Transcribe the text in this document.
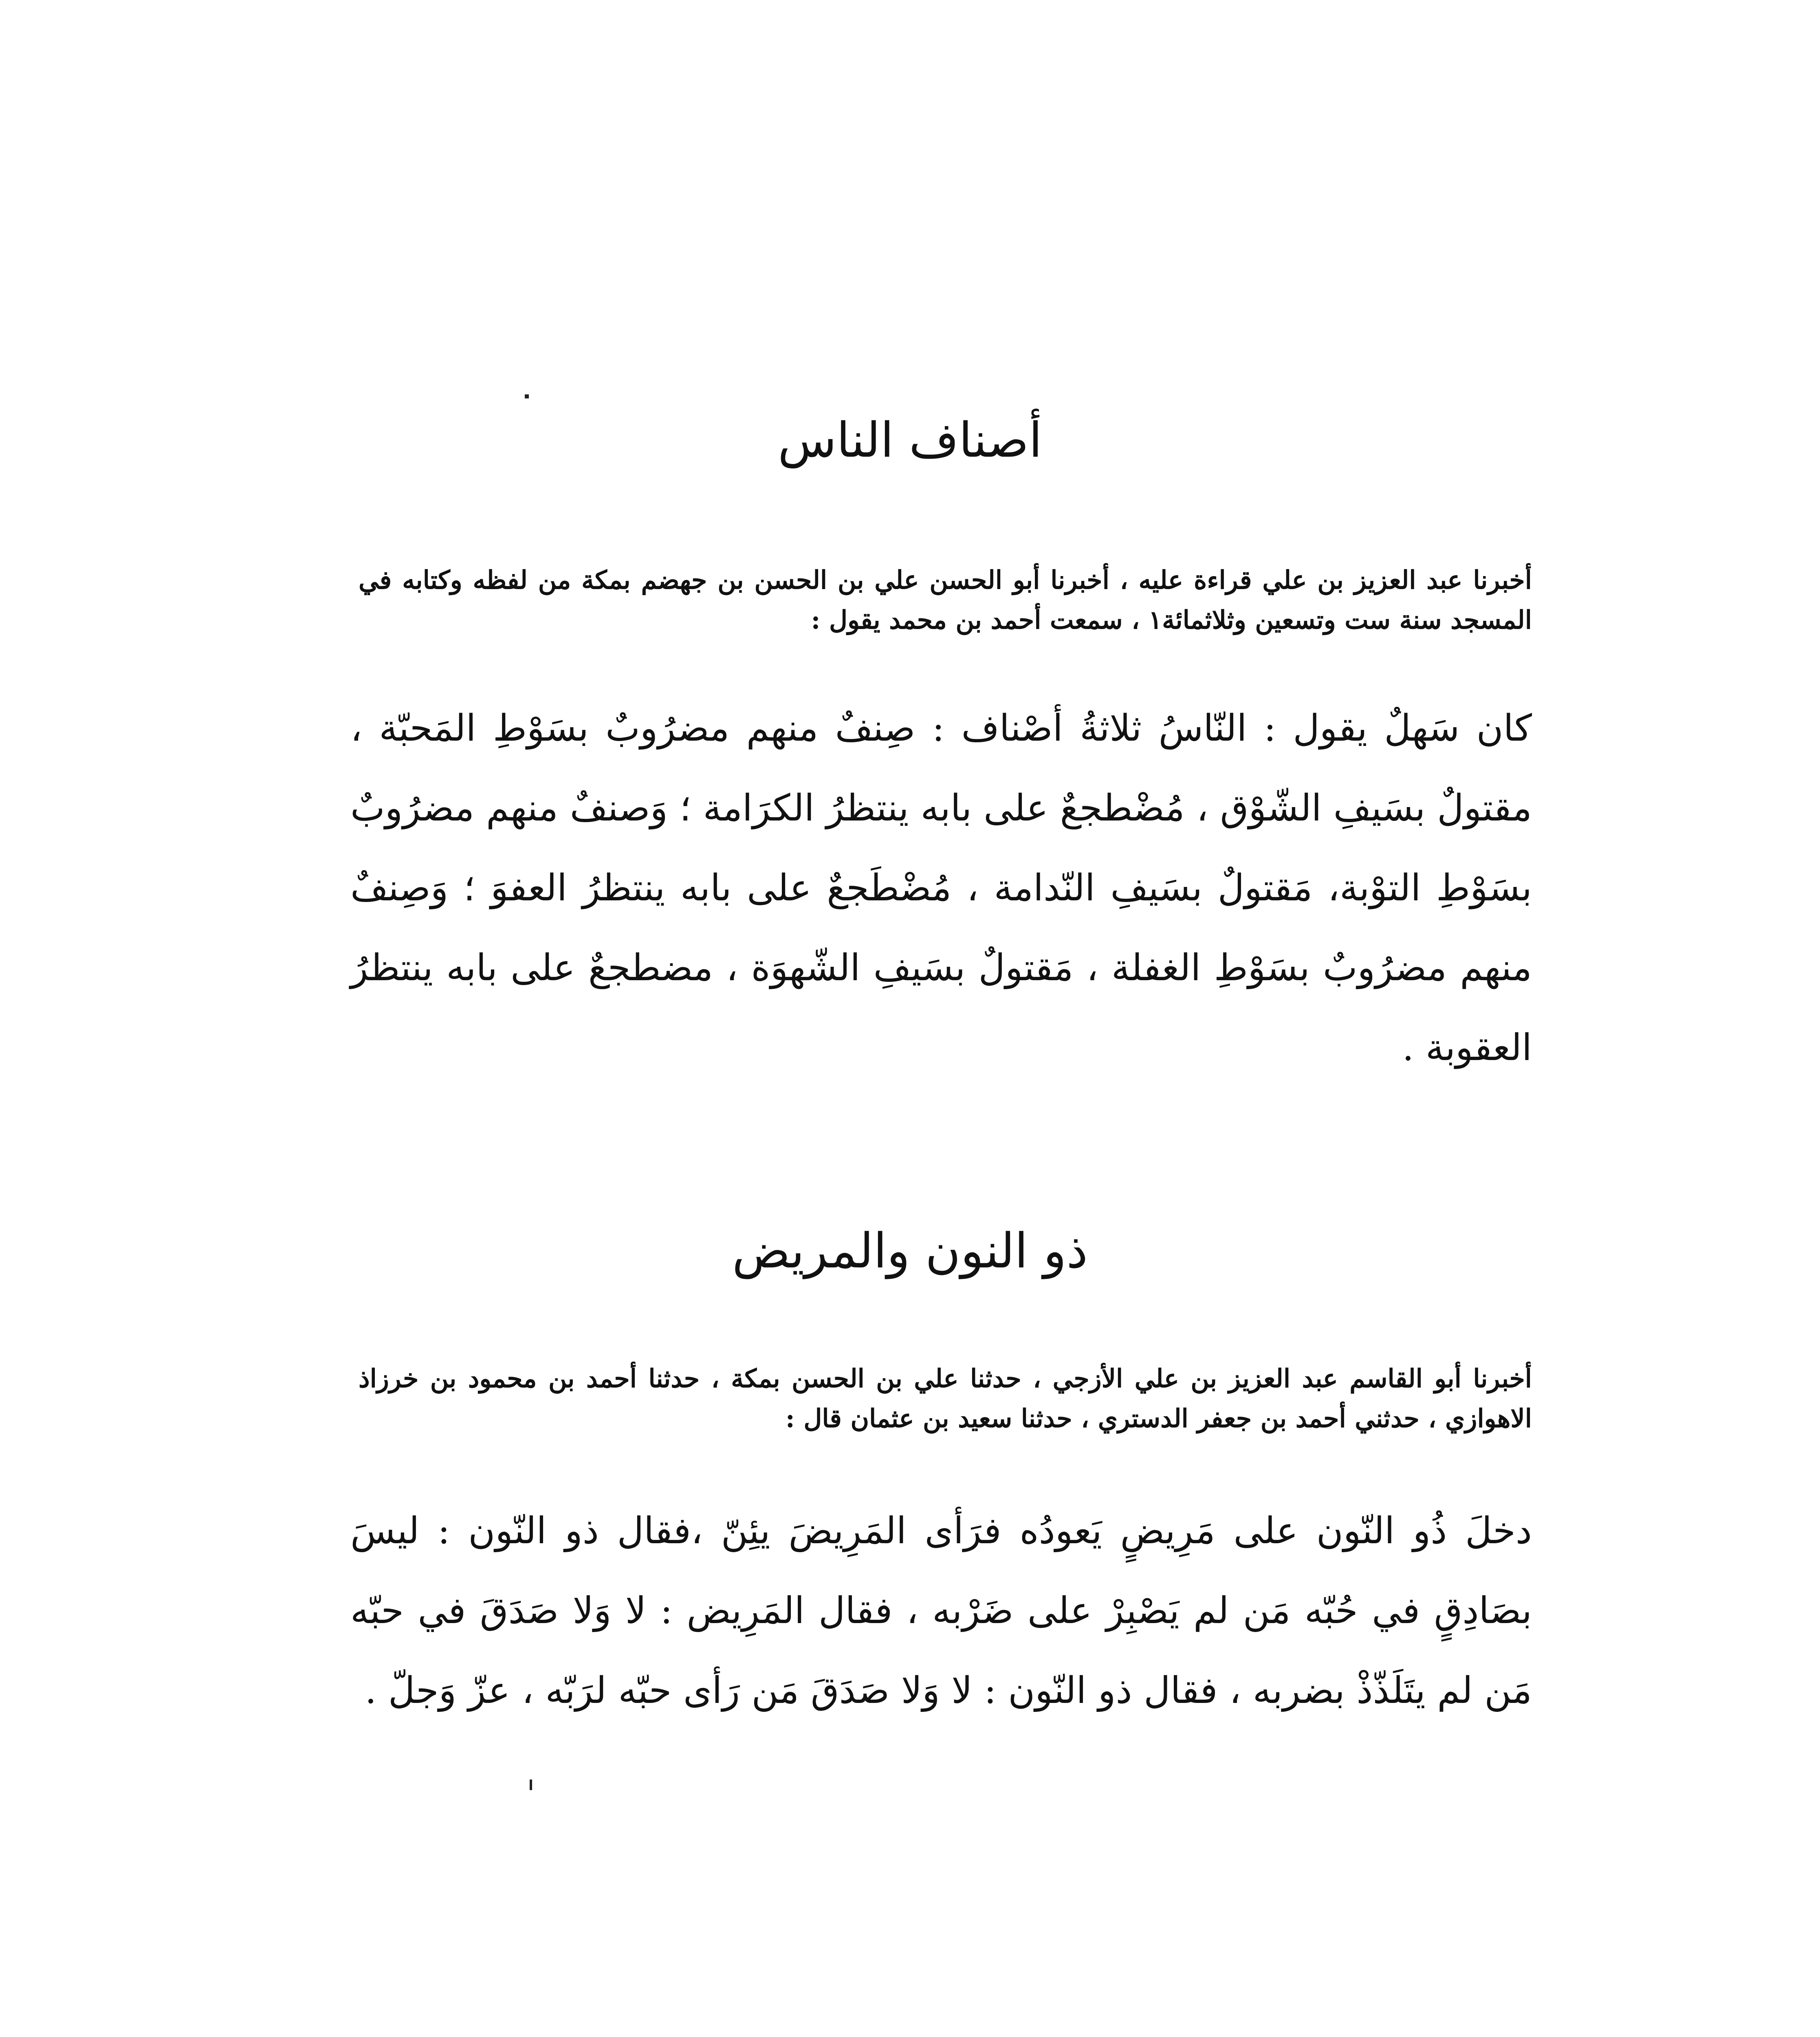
أصناف الناس

أخبرنا عبد العزيز بن علي قراءة عليه ، أخبرنا أبو الحسن علي بن الحسن بن جهضم بمكة من لفظه وكتابه في المسجد سنة ست وتسعين وثلاثمائة١ ، سمعت أحمد بن محمد يقول :

كان سَهلٌ يقول : النّاسُ ثلاثةُ أصْناف : صِنفٌ منهم مضرُوبٌ بسَوْطِ المَحبّة ، مقتولٌ بسَيفِ الشّوْق ، مُضْطجعٌ على بابه ينتظرُ الكرَامة ؛ وَصنفٌ منهم مضرُوبٌ بسَوْطِ التوْبة، مَقتولٌ بسَيفِ النّدامة ، مُضْطَجعٌ على بابه ينتظرُ العفوَ ؛ وَصِنفٌ منهم مضرُوبٌ بسَوْطِ الغفلة ، مَقتولٌ بسَيفِ الشّهوَة ، مضطجعٌ على بابه ينتظرُ العقوبة .

ذو النون والمريض

أخبرنا أبو القاسم عبد العزيز بن علي الأزجي ، حدثنا علي بن الحسن بمكة ، حدثنا أحمد بن محمود بن خرزاذ الاهوازي ، حدثني أحمد بن جعفر الدستري ، حدثنا سعيد بن عثمان قال :

دخلَ ذُو النّون على مَرِيضٍ يَعودُه فرَأى المَرِيضَ يئِنّ ،فقال ذو النّون : ليسَ بصَادِقٍ في حُبّه مَن لم يَصْبِرْ على ضَرْبه ، فقال المَرِيض : لا وَلا صَدَقَ في حبّه مَن لم يتَلَذّذْ بضربه ، فقال ذو النّون : لا وَلا صَدَقَ مَن رَأى حبّه لرَبّه ، عزّ وَجلّ .
